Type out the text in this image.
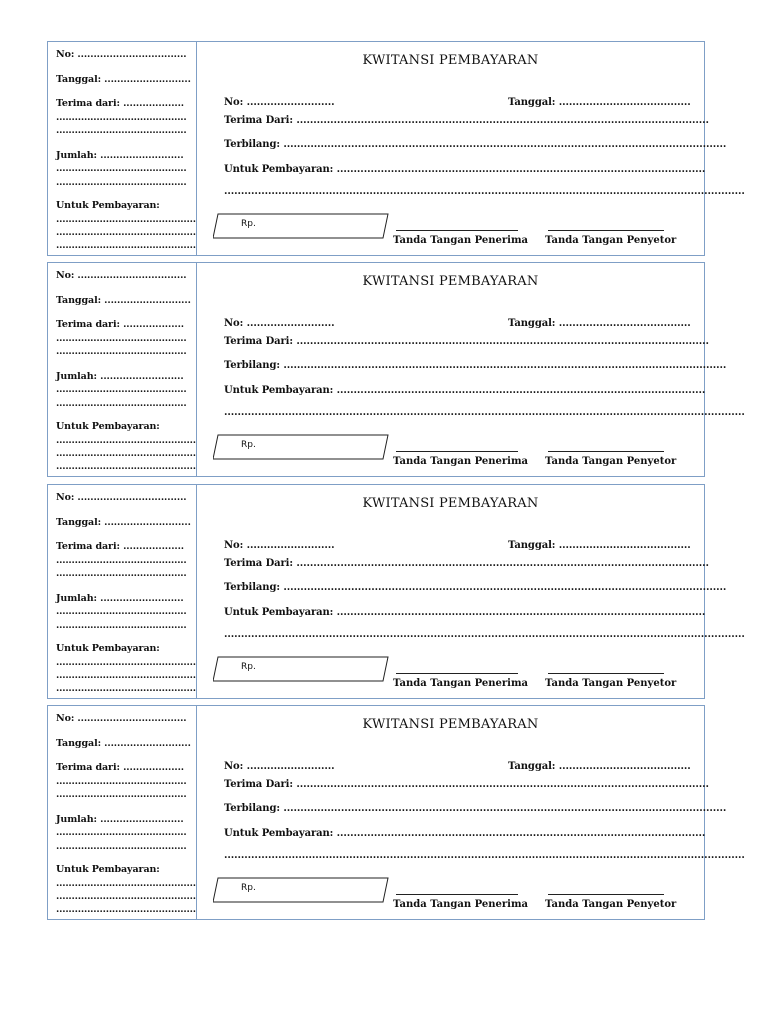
No: ..................................
Tanggal: ...........................
Terima dari: ...................
..........................................
..........................................
Jumlah: ..........................
..........................................
..........................................
Untuk Pembayaran:
.............................................
.............................................
.............................................
KWITANSI PEMBAYARAN
No: ..........................	Tanggal: .......................................
Terima Dari: ..........................................................................................................................
Terbilang: ...................................................................................................................................
Untuk Pembayaran: .............................................................................................................
..........................................................................................................................................................
Rp.
Tanda Tangan Penerima Tanda Tangan Penyetor
No: ..................................
Tanggal: ...........................
Terima dari: ...................
..........................................
..........................................
Jumlah: ..........................
..........................................
..........................................
Untuk Pembayaran:
.............................................
.............................................
.............................................
KWITANSI PEMBAYARAN
No: ..........................	Tanggal: .......................................
Terima Dari: ..........................................................................................................................
Terbilang: ...................................................................................................................................
Untuk Pembayaran: .............................................................................................................
..........................................................................................................................................................
Rp.
Tanda Tangan Penerima Tanda Tangan Penyetor
No: ..................................
Tanggal: ...........................
Terima dari: ...................
..........................................
..........................................
Jumlah: ..........................
..........................................
..........................................
Untuk Pembayaran:
.............................................
.............................................
.............................................
KWITANSI PEMBAYARAN
No: ..........................	Tanggal: .......................................
Terima Dari: ..........................................................................................................................
Terbilang: ...................................................................................................................................
Untuk Pembayaran: .............................................................................................................
..........................................................................................................................................................
Rp.
Tanda Tangan Penerima Tanda Tangan Penyetor
No: ..................................
Tanggal: ...........................
Terima dari: ...................
..........................................
..........................................
Jumlah: ..........................
..........................................
..........................................
Untuk Pembayaran:
.............................................
.............................................
.............................................
KWITANSI PEMBAYARAN
No: ..........................	Tanggal: .......................................
Terima Dari: ..........................................................................................................................
Terbilang: ...................................................................................................................................
Untuk Pembayaran: .............................................................................................................
..........................................................................................................................................................
Rp.
Tanda Tangan Penerima Tanda Tangan Penyetor
